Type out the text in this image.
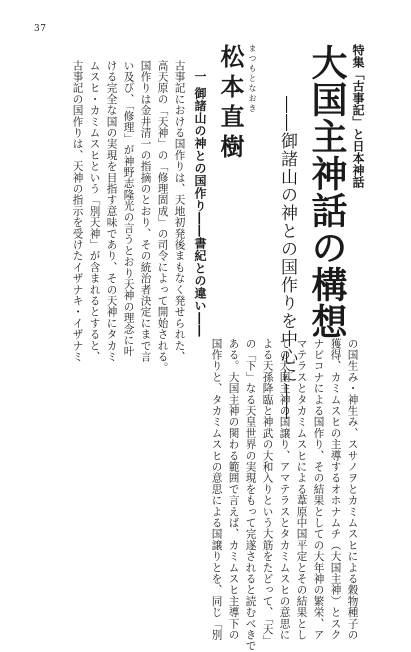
37
特集「古事記」と日本神話
大国主神話の構想
――御諸山の神との国作りを中心に――
まつもとなおき
松本直樹
一 御諸山の神との国作り――書紀との違い――
古事記における国作りは、天地初発後まもなく発せられた、
高天原の「天神」の「修理固成」の司令によって開始される。
国作りは金井清一の指摘のとおり、その統治者決定にまで言
い及び、「修理」が神野志隆光の言うとおり天神の理念に叶
ける完全な国の実現を目指す意味であり、その天神にタカミ
ムスヒ・カミムスヒという「別天神」が含まれるとすると、
古事記の国作りは、天神の指示を受けたイザナキ・イザナミ
の国生み・神生み、スサノヲとカミムスヒによる穀物種子の
獲得、カミムスヒの主導するオホナムチ（大国主神）とスク
ナビコナによる国作り、その結果としての大年神の繁栄、ア
マテラスとタカミムスヒによる葦原中国平定とその結果とし
ての大国主神の国譲り、アマテラスとタカミムスヒの意思に
よる天孫降臨と神武の大和入りという大筋をたどって、「天」
の「下」なる天皇世界の実現をもって完遂されると読むべきで
ある。大国主神の関わる範囲で言えば、カミムスヒ主導下の
国作りと、タカミムスヒの意思による国譲りとを、同じ「別
